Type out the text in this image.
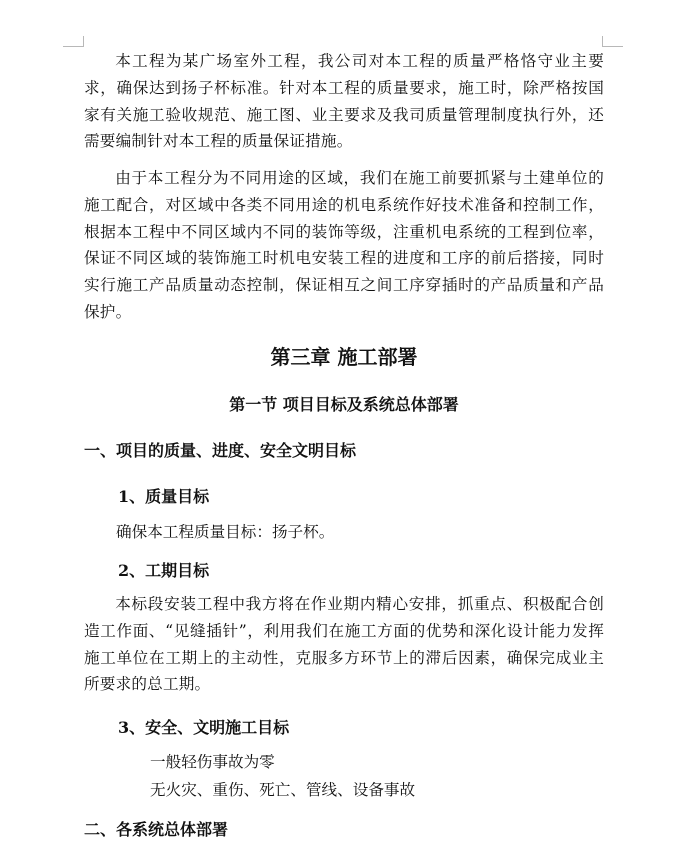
本工程为某广场室外工程，我公司对本工程的质量严格恪守业主要求，确保达到扬子杯标准。针对本工程的质量要求，施工时，除严格按国家有关施工验收规范、施工图、业主要求及我司质量管理制度执行外，还需要编制针对本工程的质量保证措施。

由于本工程分为不同用途的区域，我们在施工前要抓紧与土建单位的施工配合，对区域中各类不同用途的机电系统作好技术准备和控制工作，根据本工程中不同区域内不同的装饰等级，注重机电系统的工程到位率，保证不同区域的装饰施工时机电安装工程的进度和工序的前后搭接，同时实行施工产品质量动态控制，保证相互之间工序穿插时的产品质量和产品保护。

第三章 施工部署
第一节 项目目标及系统总体部署
一、项目的质量、进度、安全文明目标
1、质量目标

确保本工程质量目标：扬子杯。

2、工期目标

本标段安装工程中我方将在作业期内精心安排，抓重点、积极配合创造工作面、“见缝插针”，利用我们在施工方面的优势和深化设计能力发挥施工单位在工期上的主动性，克服多方环节上的滞后因素，确保完成业主所要求的总工期。

3、安全、文明施工目标

一般轻伤事故为零

无火灾、重伤、死亡、管线、设备事故

二、各系统总体部署
